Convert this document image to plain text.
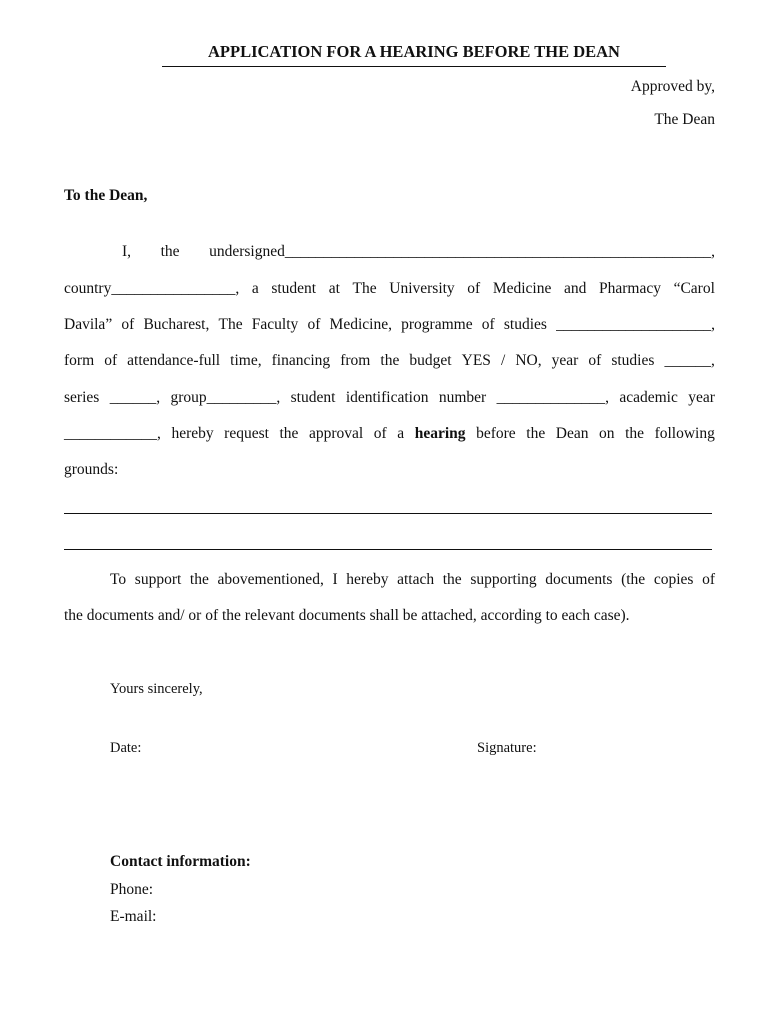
APPLICATION FOR A HEARING BEFORE THE DEAN
Approved by,
The Dean
To the Dean,
I, the undersigned_______________________________________________________,
country________________, a student at The University of Medicine and Pharmacy “Carol
Davila” of Bucharest, The Faculty of Medicine, programme of studies ____________________,
form of attendance-full time, financing from the budget YES / NO, year of studies ______,
series ______, group_________, student identification number ______________, academic year
____________, hereby request the approval of a hearing before the Dean on the following
grounds:
To support the abovementioned, I hereby attach the supporting documents (the copies of
the documents and/ or of the relevant documents shall be attached, according to each case).
Yours sincerely,
Date:	Signature:
Contact information:
Phone:
E-mail:
